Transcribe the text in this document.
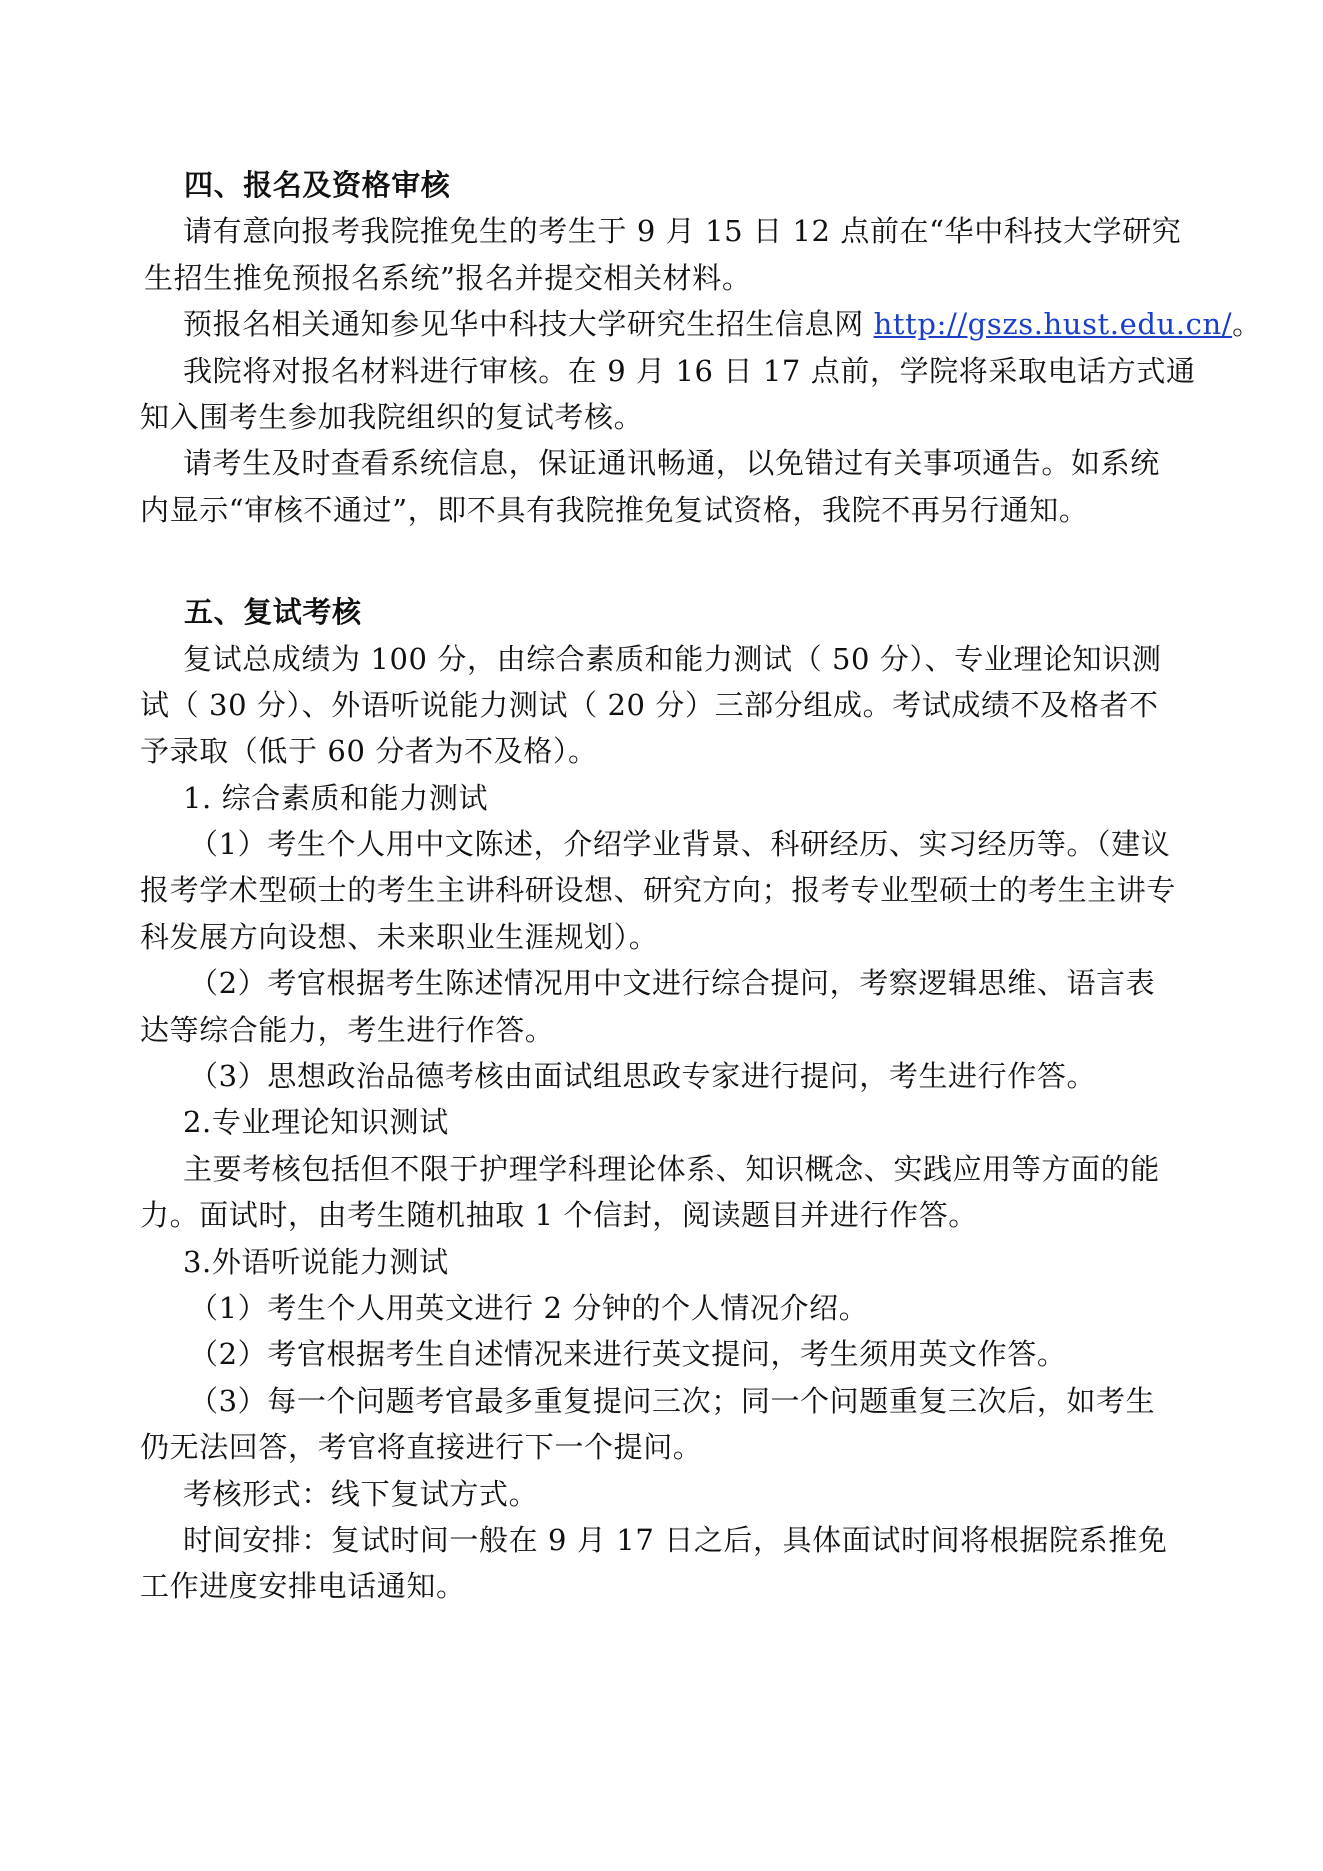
四、报名及资格审核
请有意向报考我院推免生的考生于 9 月 15 日 12 点前在“华中科技大学研究
生招生推免预报名系统”报名并提交相关材料。
预报名相关通知参见华中科技大学研究生招生信息网 http://gszs.hust.edu.cn/。
我院将对报名材料进行审核。在 9 月 16 日 17 点前，学院将采取电话方式通
知入围考生参加我院组织的复试考核。
请考生及时查看系统信息，保证通讯畅通，以免错过有关事项通告。如系统
内显示“审核不通过”，即不具有我院推免复试资格，我院不再另行通知。
五、复试考核
复试总成绩为 100 分，由综合素质和能力测试（ 50 分）、专业理论知识测
试（ 30 分）、外语听说能力测试（ 20 分）三部分组成。考试成绩不及格者不
予录取（低于 60 分者为不及格）。
1. 综合素质和能力测试
（1）考生个人用中文陈述，介绍学业背景、科研经历、实习经历等。（建议
报考学术型硕士的考生主讲科研设想、研究方向；报考专业型硕士的考生主讲专
科发展方向设想、未来职业生涯规划）。
（2）考官根据考生陈述情况用中文进行综合提问，考察逻辑思维、语言表
达等综合能力，考生进行作答。
（3）思想政治品德考核由面试组思政专家进行提问，考生进行作答。
2.专业理论知识测试
主要考核包括但不限于护理学科理论体系、知识概念、实践应用等方面的能
力。面试时，由考生随机抽取 1 个信封，阅读题目并进行作答。
3.外语听说能力测试
（1）考生个人用英文进行 2 分钟的个人情况介绍。
（2）考官根据考生自述情况来进行英文提问，考生须用英文作答。
（3）每一个问题考官最多重复提问三次；同一个问题重复三次后，如考生
仍无法回答，考官将直接进行下一个提问。
考核形式：线下复试方式。
时间安排：复试时间一般在 9 月 17 日之后，具体面试时间将根据院系推免
工作进度安排电话通知。
